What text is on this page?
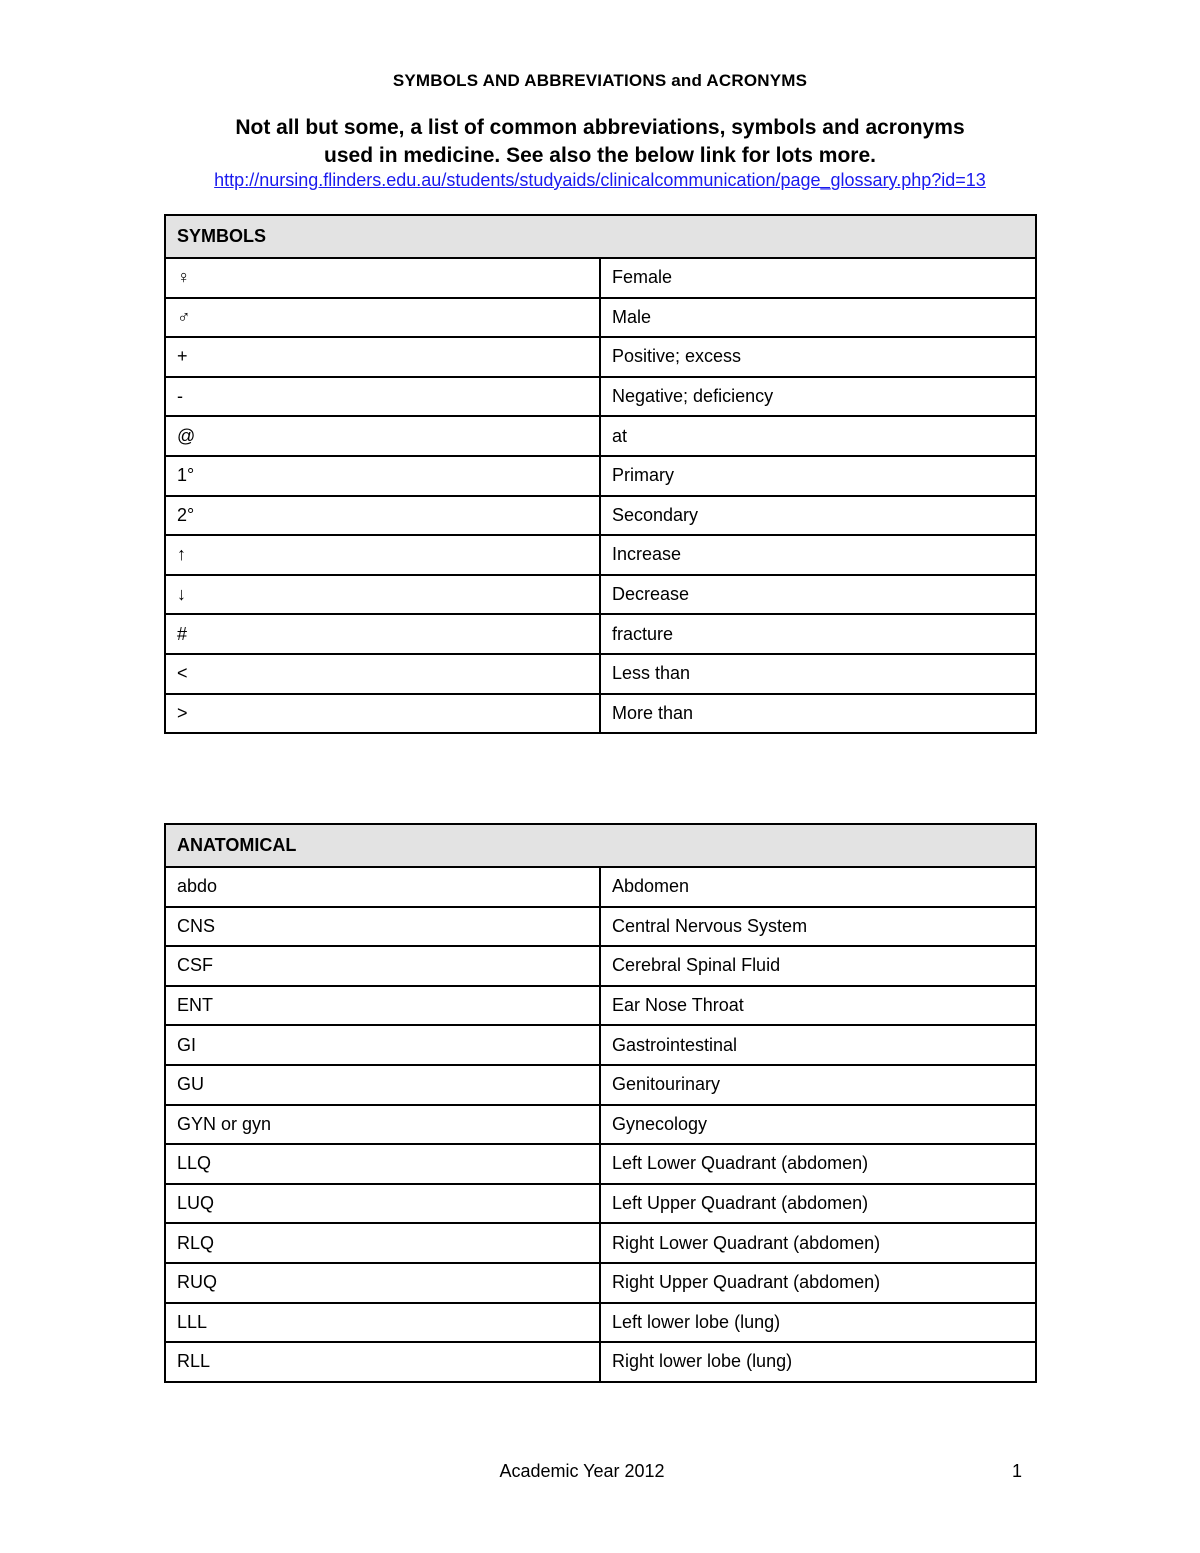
SYMBOLS AND ABBREVIATIONS and ACRONYMS
Not all but some, a list of common abbreviations, symbols and acronyms
used in medicine. See also the below link for lots more.
http://nursing.flinders.edu.au/students/studyaids/clinicalcommunication/page_glossary.php?id=13
SYMBOLS	
♀	Female
♂	Male
+	Positive; excess
-	Negative; deficiency
@	at
1°	Primary
2°	Secondary
↑	Increase
↓	Decrease
#	fracture
<	Less than
>	More than
ANATOMICAL	
abdo	Abdomen
CNS	Central Nervous System
CSF	Cerebral Spinal Fluid
ENT	Ear Nose Throat
GI	Gastrointestinal
GU	Genitourinary
GYN or gyn	Gynecology
LLQ	Left Lower Quadrant (abdomen)
LUQ	Left Upper Quadrant (abdomen)
RLQ	Right Lower Quadrant (abdomen)
RUQ	Right Upper Quadrant (abdomen)
LLL	Left lower lobe (lung)
RLL	Right lower lobe (lung)
Academic Year 2012	1
